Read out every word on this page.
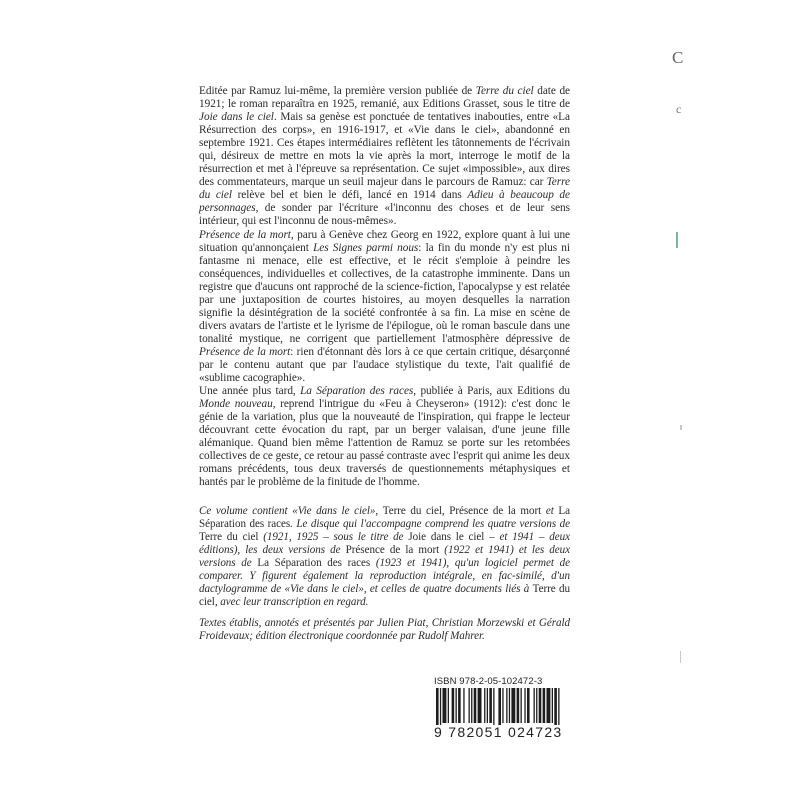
Editée par Ramuz lui-même, la première version publiée de Terre du ciel date de 1921; le roman reparaîtra en 1925, remanié, aux Editions Grasset, sous le titre de Joie dans le ciel. Mais sa genèse est ponctuée de tentatives inabouties, entre «La Résurrection des corps», en 1916-1917, et «Vie dans le ciel», abandonné en septembre 1921. Ces étapes intermédiaires reflètent les tâtonnements de l'écrivain qui, désireux de mettre en mots la vie après la mort, interroge le motif de la résurrection et met à l'épreuve sa représentation. Ce sujet «impossible», aux dires des commentateurs, marque un seuil majeur dans le parcours de Ramuz: car Terre du ciel relève bel et bien le défi, lancé en 1914 dans Adieu à beaucoup de personnages, de sonder par l'écriture «l'inconnu des choses et de leur sens intérieur, qui est l'inconnu de nous-mêmes».

Présence de la mort, paru à Genève chez Georg en 1922, explore quant à lui une situation qu'annonçaient Les Signes parmi nous: la fin du monde n'y est plus ni fantasme ni menace, elle est effective, et le récit s'emploie à peindre les conséquences, individuelles et collectives, de la catastrophe imminente. Dans un registre que d'aucuns ont rapproché de la science-fiction, l'apocalypse y est relatée par une juxtaposition de courtes histoires, au moyen desquelles la narration signifie la désintégration de la société confrontée à sa fin. La mise en scène de divers avatars de l'artiste et le lyrisme de l'épilogue, où le roman bascule dans une tonalité mystique, ne corrigent que partiellement l'atmosphère dépressive de Présence de la mort: rien d'étonnant dès lors à ce que certain critique, désarçonné par le contenu autant que par l'audace stylistique du texte, l'ait qualifié de «sublime cacographie».

Une année plus tard, La Séparation des races, publiée à Paris, aux Editions du Monde nouveau, reprend l'intrigue du «Feu à Cheyseron» (1912): c'est donc le génie de la variation, plus que la nouveauté de l'inspiration, qui frappe le lecteur découvrant cette évocation du rapt, par un berger valaisan, d'une jeune fille alémanique. Quand bien même l'attention de Ramuz se porte sur les retombées collectives de ce geste, ce retour au passé contraste avec l'esprit qui anime les deux romans précédents, tous deux traversés de questionnements métaphysiques et hantés par le problème de la finitude de l'homme.

Ce volume contient «Vie dans le ciel», Terre du ciel, Présence de la mort et La Séparation des races. Le disque qui l'accompagne comprend les quatre versions de Terre du ciel (1921, 1925 – sous le titre de Joie dans le ciel – et 1941 – deux éditions), les deux versions de Présence de la mort (1922 et 1941) et les deux versions de La Séparation des races (1923 et 1941), qu'un logiciel permet de comparer. Y figurent également la reproduction intégrale, en fac-similé, d'un dactylogramme de «Vie dans le ciel», et celles de quatre documents liés à Terre du ciel, avec leur transcription en regard.

Textes établis, annotés et présentés par Julien Piat, Christian Morzewski et Gérald Froidevaux; édition électronique coordonnée par Rudolf Mahrer.

ISBN 978-2-05-102472-3
9 782051 024723
C
c
